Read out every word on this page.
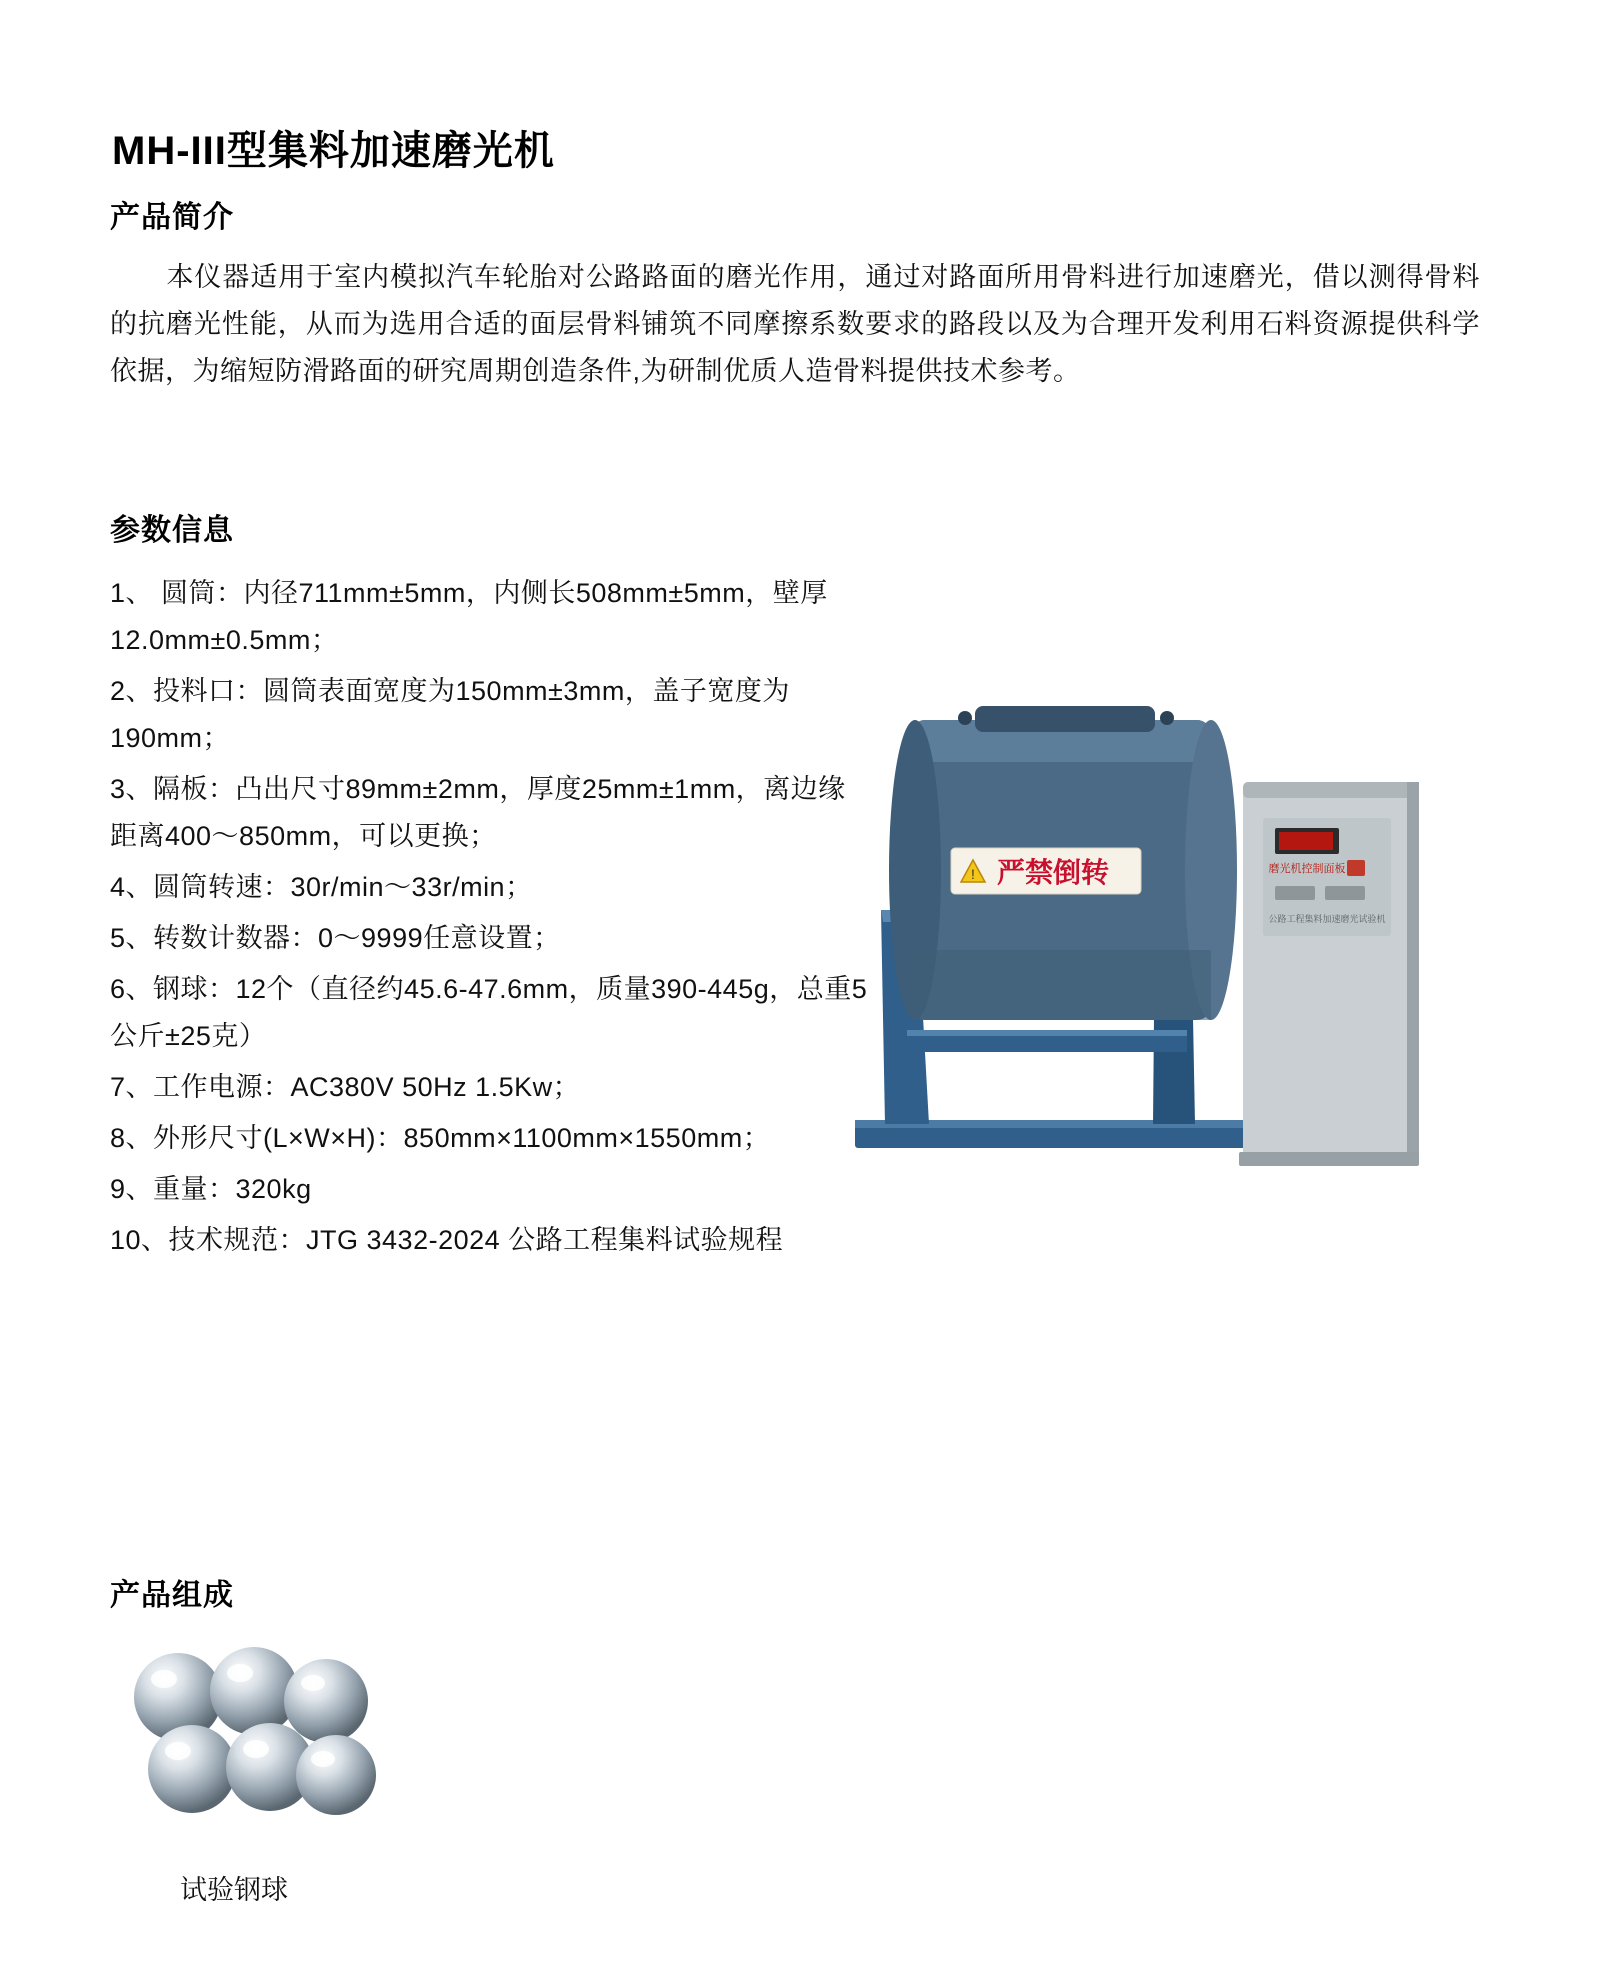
MH-III型集料加速磨光机
产品简介
本仪器适用于室内模拟汽车轮胎对公路路面的磨光作用，通过对路面所用骨料进行加速磨光，借以测得骨料的抗磨光性能，从而为选用合适的面层骨料铺筑不同摩擦系数要求的路段以及为合理开发利用石料资源提供科学依据，为缩短防滑路面的研究周期创造条件,为研制优质人造骨料提供技术参考。
参数信息
1、 圆筒：内径711mm±5mm，内侧长508mm±5mm，壁厚12.0mm±0.5mm；
2、投料口：圆筒表面宽度为150mm±3mm，盖子宽度为190mm；
3、隔板：凸出尺寸89mm±2mm，厚度25mm±1mm，离边缘距离400～850mm，可以更换；
4、圆筒转速：30r/min～33r/min；
5、转数计数器：0～9999任意设置；
6、钢球：12个（直径约45.6-47.6mm，质量390-445g，总重5公斤±25克）
7、工作电源：AC380V 50Hz 1.5Kw；
8、外形尺寸(L×W×H)：850mm×1100mm×1550mm；
9、重量：320kg
10、技术规范：JTG 3432-2024 公路工程集料试验规程
! 严禁倒转	磨光机控制面板
公路工程集料加速磨光试验机
产品组成
试验钢球
